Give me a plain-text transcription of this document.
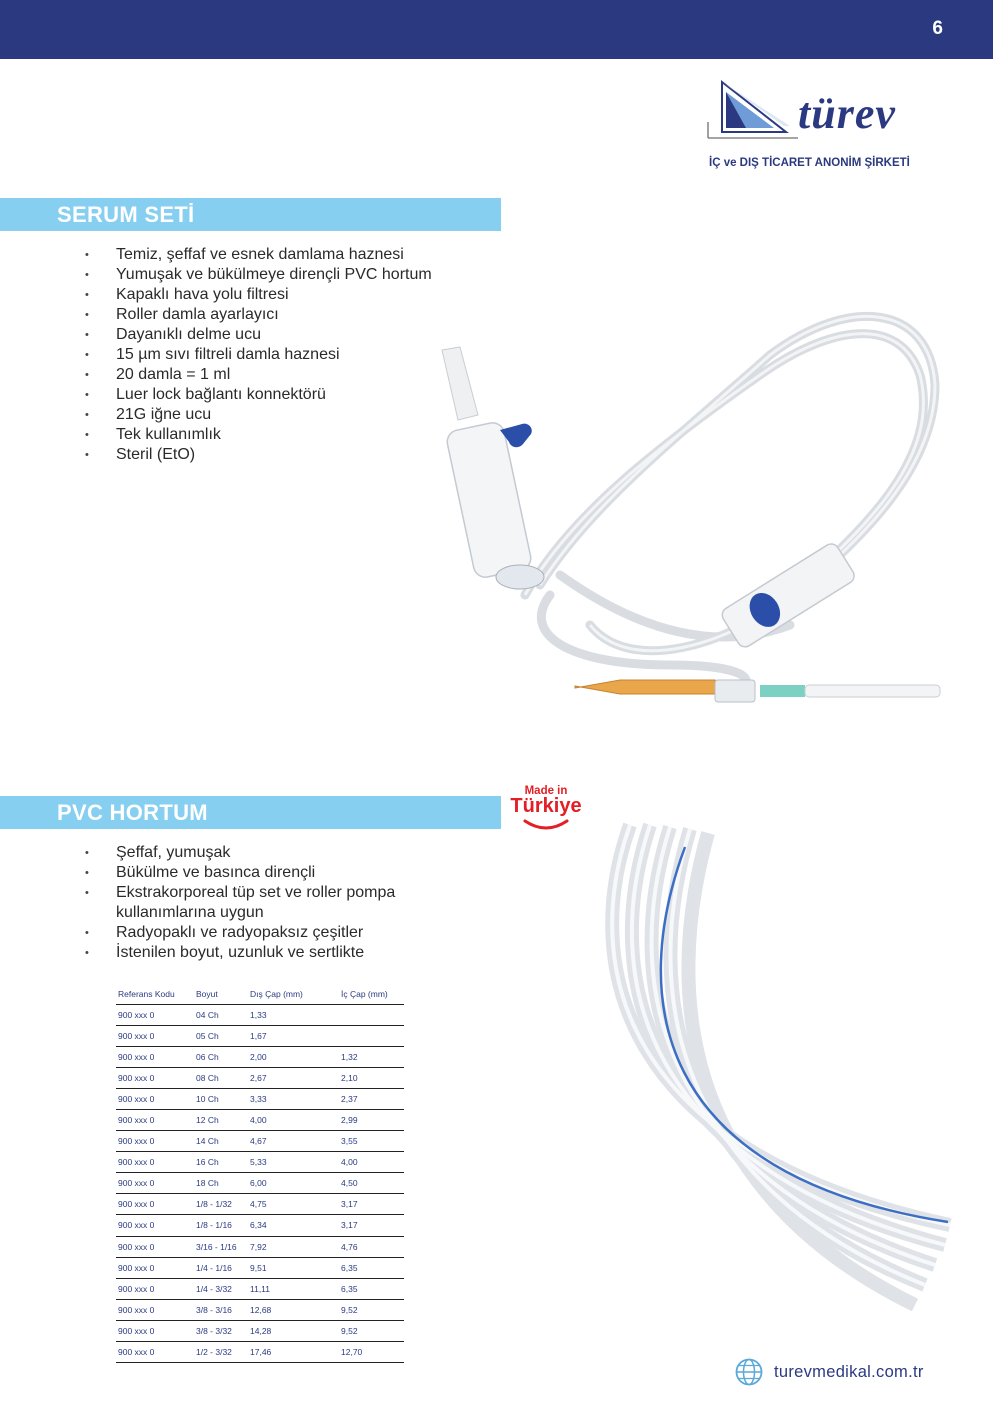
6
türev
İÇ ve DIŞ TİCARET ANONİM ŞİRKETİ
SERUM SETİ
• Temiz, şeffaf ve esnek damlama haznesi
• Yumuşak ve bükülmeye dirençli PVC hortum
• Kapaklı hava yolu filtresi
• Roller damla ayarlayıcı
• Dayanıklı delme ucu
• 15 µm sıvı filtreli damla haznesi
• 20 damla = 1 ml
• Luer lock bağlantı konnektörü
• 21G iğne ucu
• Tek kullanımlık
• Steril (EtO)
Made in
Türkiye
PVC HORTUM
• Şeffaf, yumuşak
• Bükülme ve basınca dirençli
• Ekstrakorporeal tüp set ve roller pompa kullanımlarına uygun
• Radyopaklı ve radyopaksız çeşitler
• İstenilen boyut, uzunluk ve sertlikte
Referans Kodu	Boyut	Dış Çap (mm)	İç Çap (mm)
900 xxx 0	04 Ch	1,33	
900 xxx 0	05 Ch	1,67	
900 xxx 0	06 Ch	2,00	1,32
900 xxx 0	08 Ch	2,67	2,10
900 xxx 0	10 Ch	3,33	2,37
900 xxx 0	12 Ch	4,00	2,99
900 xxx 0	14 Ch	4,67	3,55
900 xxx 0	16 Ch	5,33	4,00
900 xxx 0	18 Ch	6,00	4,50
900 xxx 0	1/8 - 1/32	4,75	3,17
900 xxx 0	1/8 - 1/16	6,34	3,17
900 xxx 0	3/16 - 1/16	7,92	4,76
900 xxx 0	1/4 - 1/16	9,51	6,35
900 xxx 0	1/4 - 3/32	11,11	6,35
900 xxx 0	3/8 - 3/16	12,68	9,52
900 xxx 0	3/8 - 3/32	14,28	9,52
900 xxx 0	1/2 - 3/32	17,46	12,70
turevmedikal.com.tr
